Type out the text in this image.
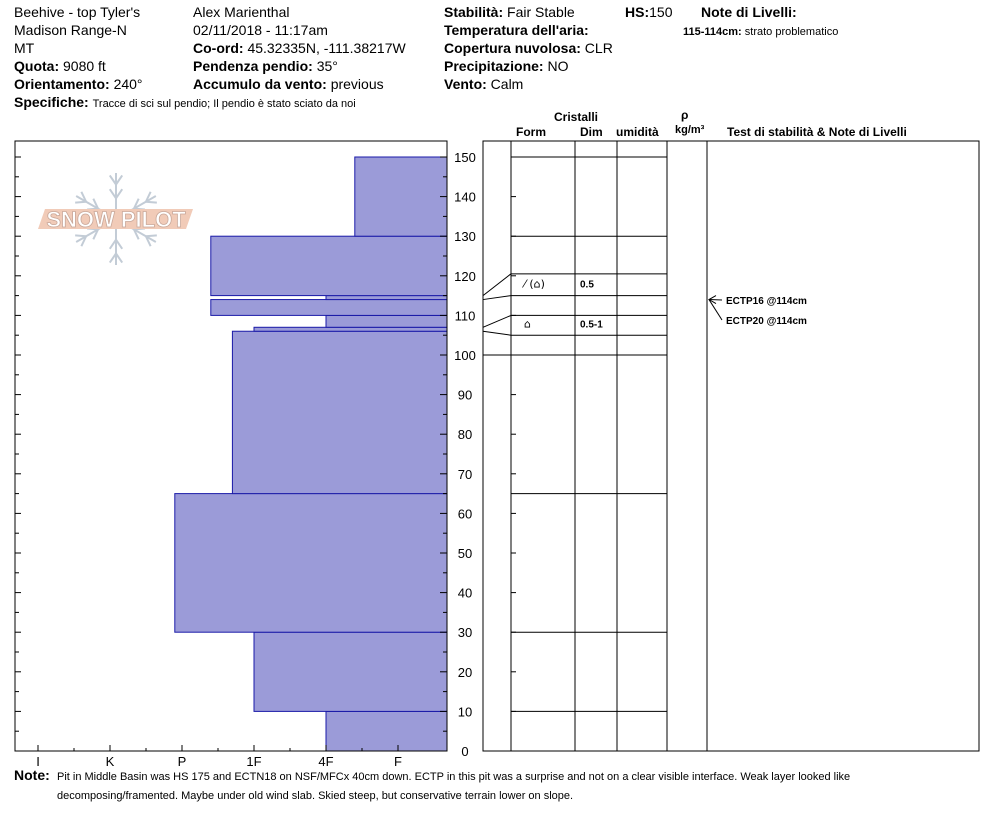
Beehive - top Tyler's
Madison Range-N
MT
Quota: 9080 ft
Orientamento: 240°
Specifiche: Tracce di sci sul pendio; Il pendio è stato sciato da noi
Alex Marienthal
02/11/2018 - 11:17am
Co-ord: 45.32335N, -111.38217W
Pendenza pendio: 35°
Accumulo da vento: previous
Stabilità: Fair Stable	HS:150
Temperatura dell'aria:
Copertura nuvolosa: CLR
Precipitazione: NO
Vento: Calm
Note di Livelli:
115-114cm: strato problematico
Cristalli
Form	Dim umidità
ρ
kg/m³ Test di stabilità & Note di Livelli
SNOW PILOT
0
10
20
30
40
50
60
70
80
90
100
110
120
130
140
150
I	K	P	1F	4F	F
⁄ (⌂)	0.5
⌂	0.5-1
ECTP16 @114cm
ECTP20 @114cm
Note: Pit in Middle Basin was HS 175 and ECTN18 on NSF/MFCx 40cm down. ECTP in this pit was a surprise and not on a clear visible interface. Weak layer looked like
decomposing/framented. Maybe under old wind slab. Skied steep, but conservative terrain lower on slope.
